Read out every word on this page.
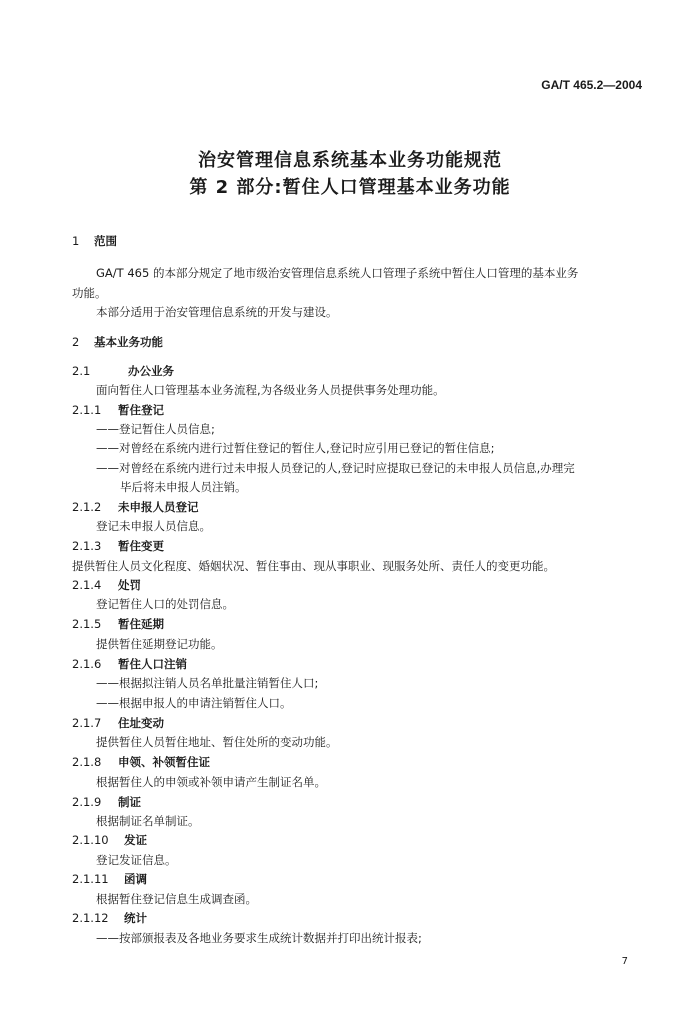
GA/T 465.2—2004
治安管理信息系统基本业务功能规范
第 2 部分:暂住人口管理基本业务功能
1 范围
GA/T 465 的本部分规定了地市级治安管理信息系统人口管理子系统中暂住人口管理的基本业务
功能。
本部分适用于治安管理信息系统的开发与建设。
2 基本业务功能
2.1	办公业务
面向暂住人口管理基本业务流程,为各级业务人员提供事务处理功能。
2.1.1 暂住登记
——登记暂住人员信息;
——对曾经在系统内进行过暂住登记的暂住人,登记时应引用已登记的暂住信息;
——对曾经在系统内进行过未申报人员登记的人,登记时应提取已登记的未申报人员信息,办理完
毕后将未申报人员注销。
2.1.2 未申报人员登记
登记未申报人员信息。
2.1.3 暂住变更
提供暂住人员文化程度、婚姻状况、暂住事由、现从事职业、现服务处所、责任人的变更功能。
2.1.4 处罚
登记暂住人口的处罚信息。
2.1.5 暂住延期
提供暂住延期登记功能。
2.1.6 暂住人口注销
——根据拟注销人员名单批量注销暂住人口;
——根据申报人的申请注销暂住人口。
2.1.7 住址变动
提供暂住人员暂住地址、暂住处所的变动功能。
2.1.8 申领、补领暂住证
根据暂住人的申领或补领申请产生制证名单。
2.1.9 制证
根据制证名单制证。
2.1.10 发证
登记发证信息。
2.1.11 函调
根据暂住登记信息生成调查函。
2.1.12 统计
——按部颁报表及各地业务要求生成统计数据并打印出统计报表;
7
